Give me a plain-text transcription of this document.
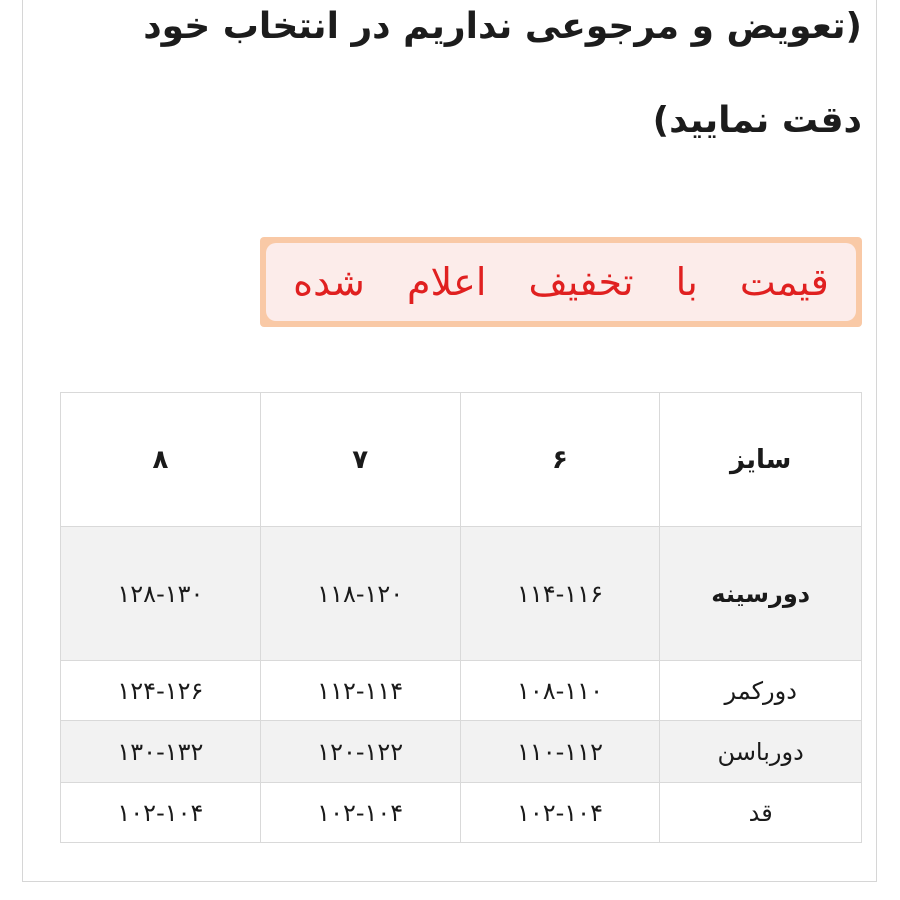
(تعویض و مرجوعی نداریم در انتخاب خود
دقت نمایید)
قیمت با تخفیف اعلام شده
سایز	۶	۷	۸
دورسینه	۱۱۴-۱۱۶	۱۱۸-۱۲۰	۱۲۸-۱۳۰
دورکمر	۱۰۸-۱۱۰	۱۱۲-۱۱۴	۱۲۴-۱۲۶
دورباسن	۱۱۰-۱۱۲	۱۲۰-۱۲۲	۱۳۰-۱۳۲
قد	۱۰۲-۱۰۴	۱۰۲-۱۰۴	۱۰۲-۱۰۴
